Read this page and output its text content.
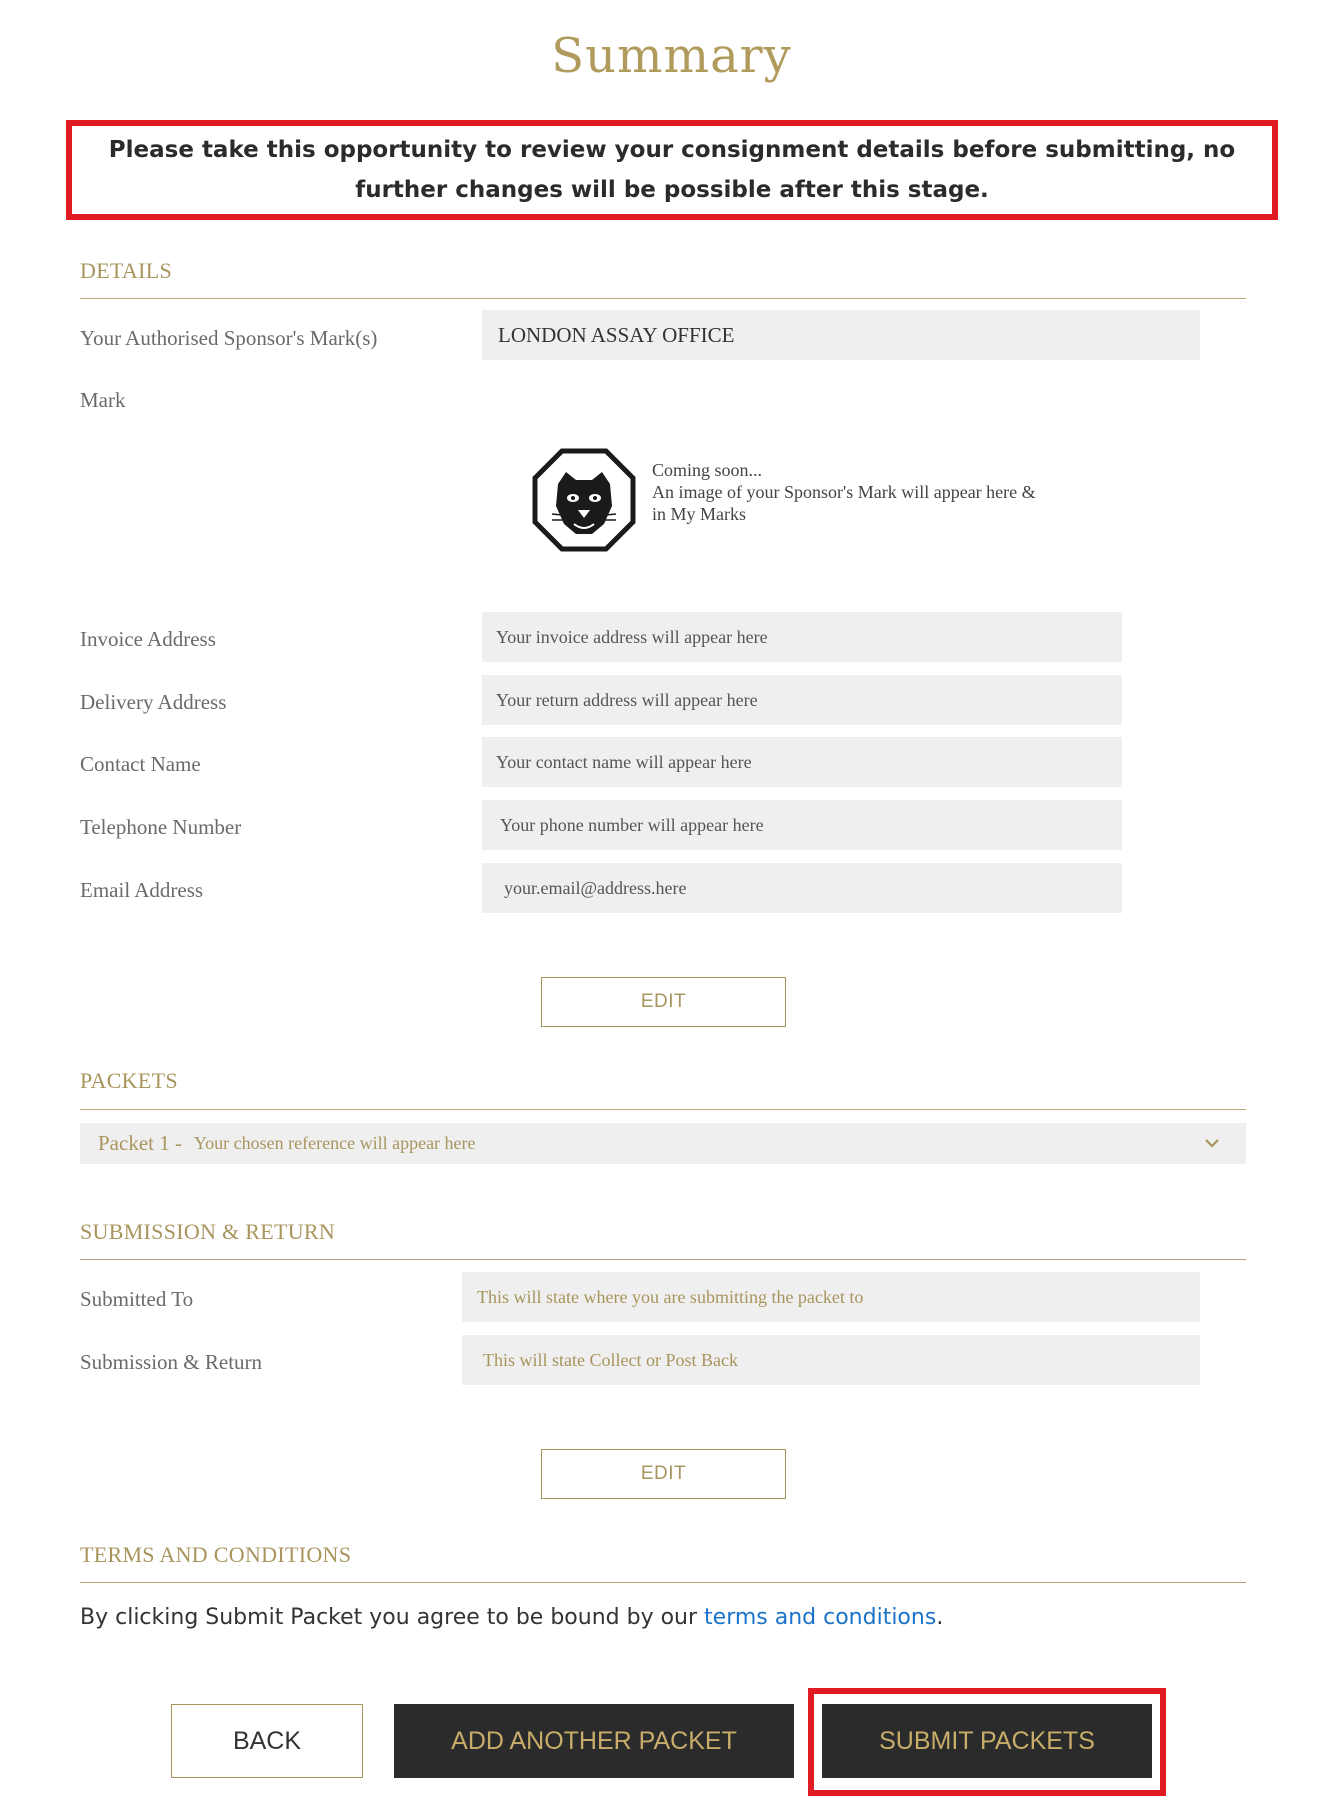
Summary
Please take this opportunity to review your consignment details before submitting, no further changes will be possible after this stage.
DETAILS
Your Authorised Sponsor's Mark(s)	LONDON ASSAY OFFICE
Mark
Coming soon...
An image of your Sponsor's Mark will appear here &
in My Marks
Invoice Address	Your invoice address will appear here
Delivery Address	Your return address will appear here
Contact Name	Your contact name will appear here
Telephone Number	Your phone number will appear here
Email Address	your.email@address.here
EDIT
PACKETS
Packet 1 - Your chosen reference will appear here
SUBMISSION & RETURN
Submitted To	This will state where you are submitting the packet to
Submission & Return	This will state Collect or Post Back
EDIT
TERMS AND CONDITIONS
By clicking Submit Packet you agree to be bound by our terms and conditions.
BACK	ADD ANOTHER PACKET	SUBMIT PACKETS
